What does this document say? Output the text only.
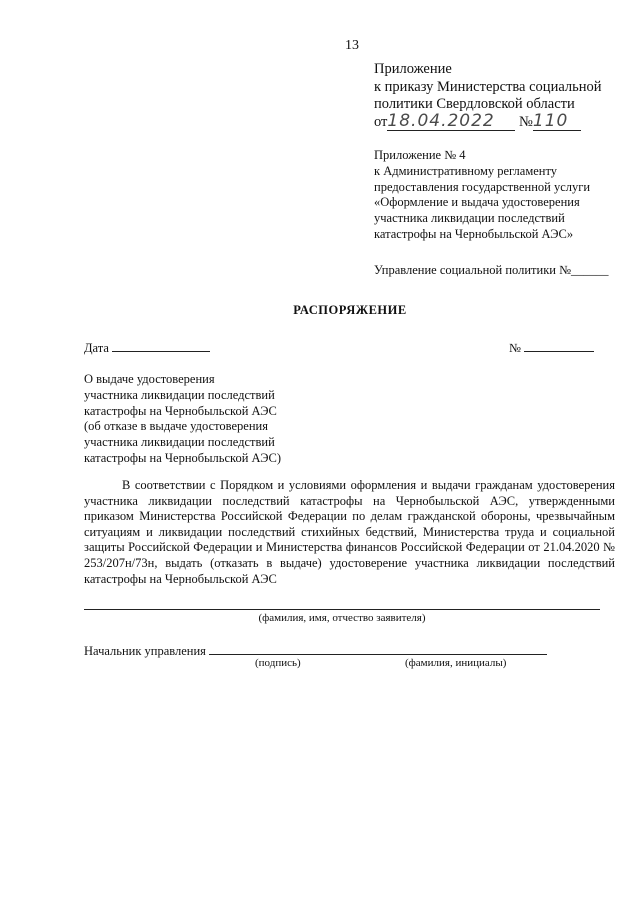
13
Приложение
к приказу Министерства социальной
политики Свердловской области
от18.04.2022 №110
Приложение № 4
к Административному регламенту
предоставления государственной услуги
«Оформление и выдача удостоверения
участника ликвидации последствий
катастрофы на Чернобыльской АЭС»
Управление социальной политики №______
РАСПОРЯЖЕНИЕ
Дата	№
О выдаче удостоверения
участника ликвидации последствий
катастрофы на Чернобыльской АЭС
(об отказе в выдаче удостоверения
участника ликвидации последствий
катастрофы на Чернобыльской АЭС)
В соответствии с Порядком и условиями оформления и выдачи гражданам удостоверения участника ликвидации последствий катастрофы на Чернобыльской АЭС, утвержденными приказом Министерства Российской Федерации по делам гражданской обороны, чрезвычайным ситуациям и ликвидации последствий стихийных бедствий, Министерства труда и социальной защиты Российской Федерации и Министерства финансов Российской Федерации от 21.04.2020 № 253/207н/73н, выдать (отказать в выдаче) удостоверение участника ликвидации последствий катастрофы на Чернобыльской АЭС
(фамилия, имя, отчество заявителя)
Начальник управления
(подпись)	(фамилия, инициалы)
